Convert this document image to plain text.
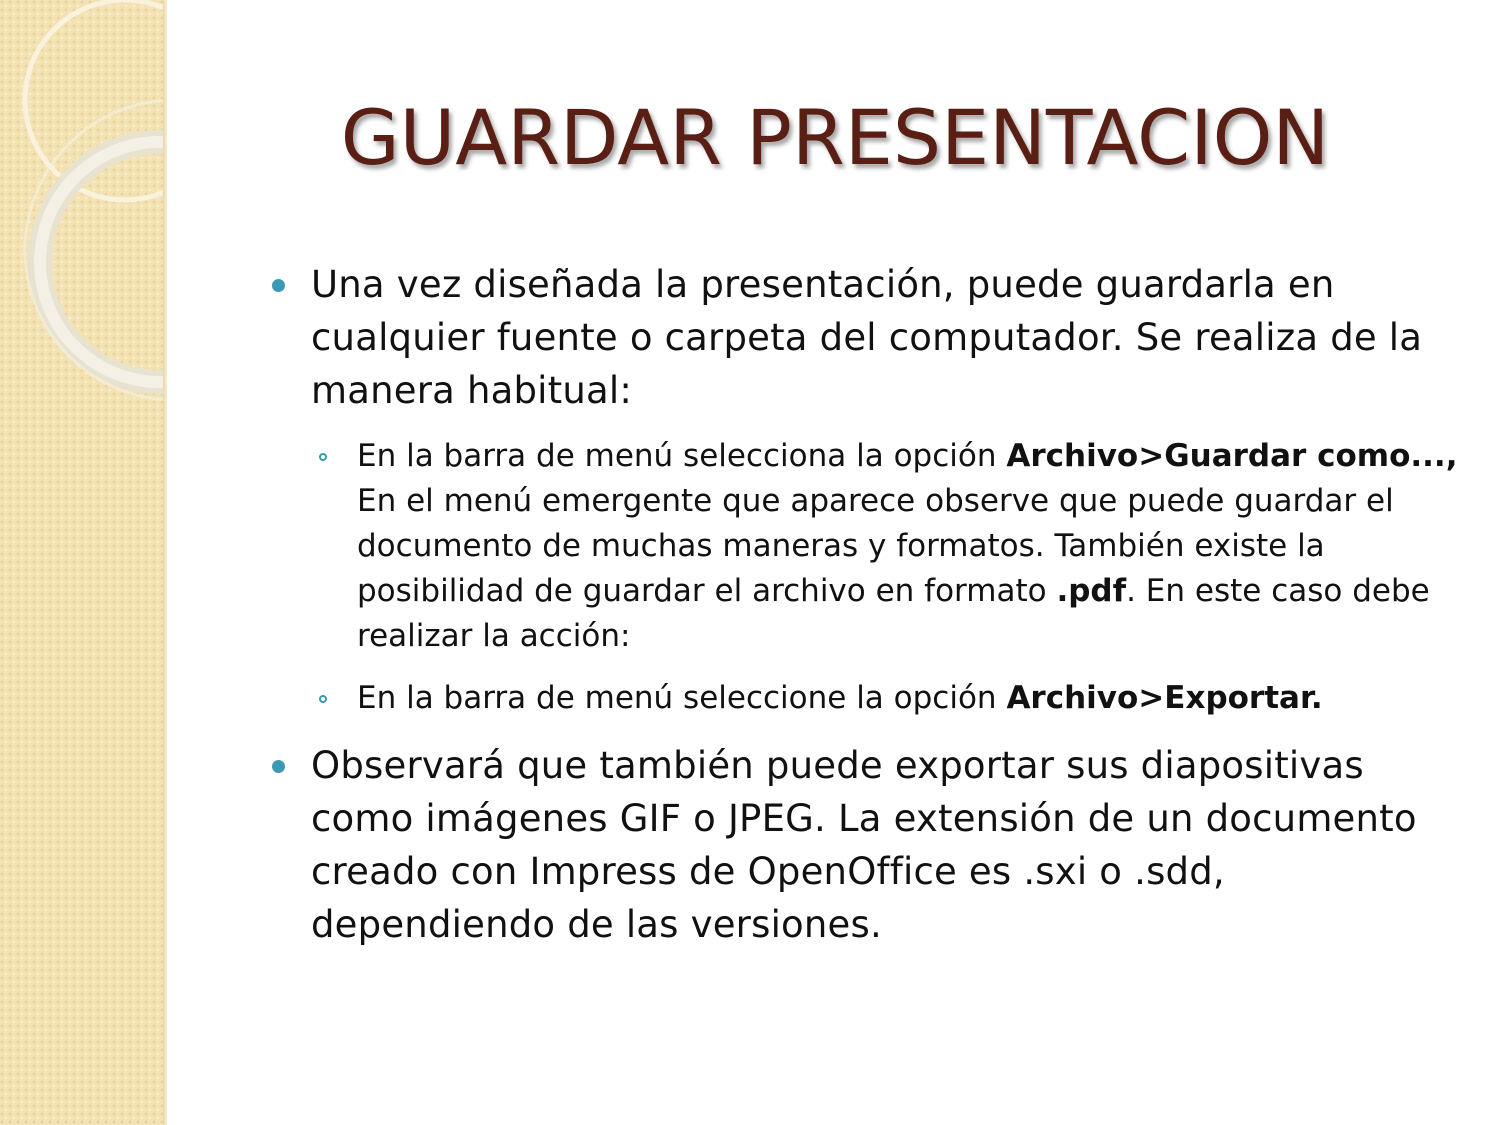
GUARDAR PRESENTACION
Una vez diseñada la presentación, puede guardarla en cualquier fuente o carpeta del computador. Se realiza de la manera habitual:
En la barra de menú selecciona la opción Archivo>Guardar como...,
En el menú emergente que aparece observe que puede guardar el documento de muchas maneras y formatos. También existe la posibilidad de guardar el archivo en formato .pdf. En este caso debe realizar la acción:
En la barra de menú seleccione la opción Archivo>Exportar.
Observará que también puede exportar sus diapositivas como imágenes GIF o JPEG. La extensión de un documento creado con Impress de OpenOffice es .sxi o .sdd, dependiendo de las versiones.
